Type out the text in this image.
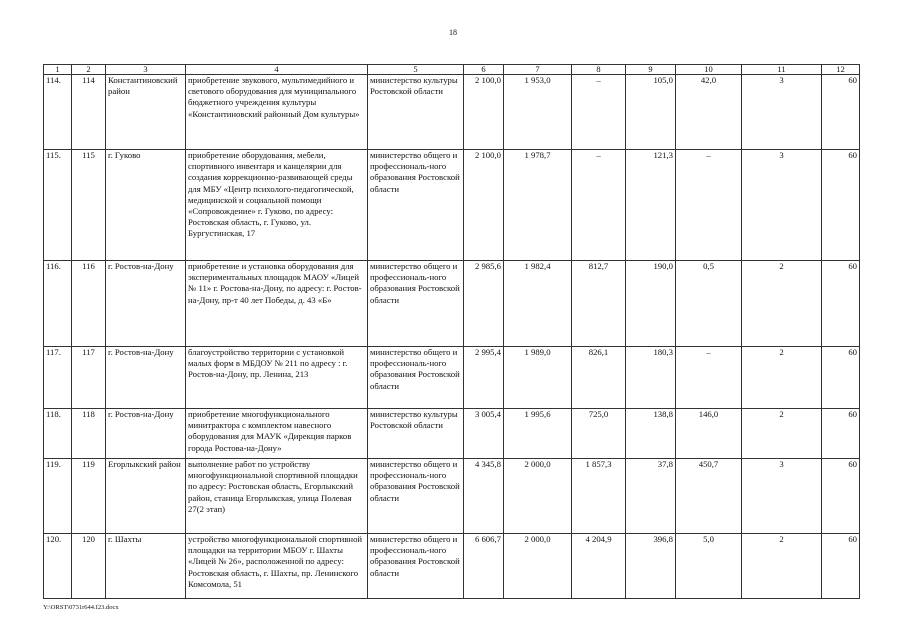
18
1	2	3	4	5	6	7	8	9	10	11	12
114.	114	Константиновский район	приобретение звукового, мультимедийного и светового оборудования для муниципального бюджетного учреждения культуры «Константиновский районный Дом культуры»	министерство культуры Ростовской области	2 100,0	1 953,0	–	105,0	42,0	3	60
115.	115	г. Гуково	приобретение оборудования, мебели, спортивного инвентаря и канцелярии для создания коррекционно-развивающей среды для МБУ «Центр психолого-педагогической, медицинской и социальной помощи «Сопровождение» г. Гуково, по адресу: Ростовская область, г. Гуково, ул. Бургустинская, 17	министерство общего и профессиональ-ного образования Ростовской области	2 100,0	1 978,7	–	121,3	–	3	60
116.	116	г. Ростов-на-Дону	приобретение и установка оборудования для экспериментальных площадок МАОУ «Лицей № 11» г. Ростова-на-Дону, по адресу: г. Ростов-на-Дону, пр-т 40 лет Победы, д. 43 «Б»	министерство общего и профессиональ-ного образования Ростовской области	2 985,6	1 982,4	812,7	190,0	0,5	2	60
117.	117	г. Ростов-на-Дону	благоустройство территории с установкой малых форм в МБДОУ № 211 по адресу : г. Ростов-на-Дону, пр. Ленина, 213	министерство общего и профессиональ-ного образования Ростовской области	2 995,4	1 989,0	826,1	180,3	–	2	60
118.	118	г. Ростов-на-Дону	приобретение многофункционального минитрактора с комплектом навесного оборудования для МАУК «Дирекция парков города Ростова-на-Дону»	министерство культуры Ростовской области	3 005,4	1 995,6	725,0	138,8	146,0	2	60
119.	119	Егорлыкский район	выполнение работ по устройству многофункциональной спортивной площадки по адресу: Ростовская область, Егорлыкский район, станица Егорлыкская, улица Полевая 27(2 этап)	министерство общего и профессиональ-ного образования Ростовской области	4 345,8	2 000,0	1 857,3	37,8	450,7	3	60
120.	120	г. Шахты	устройство многофункциональной спортивной площадки на территории МБОУ г. Шахты «Лицей № 26», расположенной по адресу: Ростовская область, г. Шахты, пр. Ленинского Комсомола, 51	министерство общего и профессиональ-ного образования Ростовской области	6 606,7	2 000,0	4 204,9	396,8	5,0	2	60
Y:\ORST\0731r644.f23.docx
